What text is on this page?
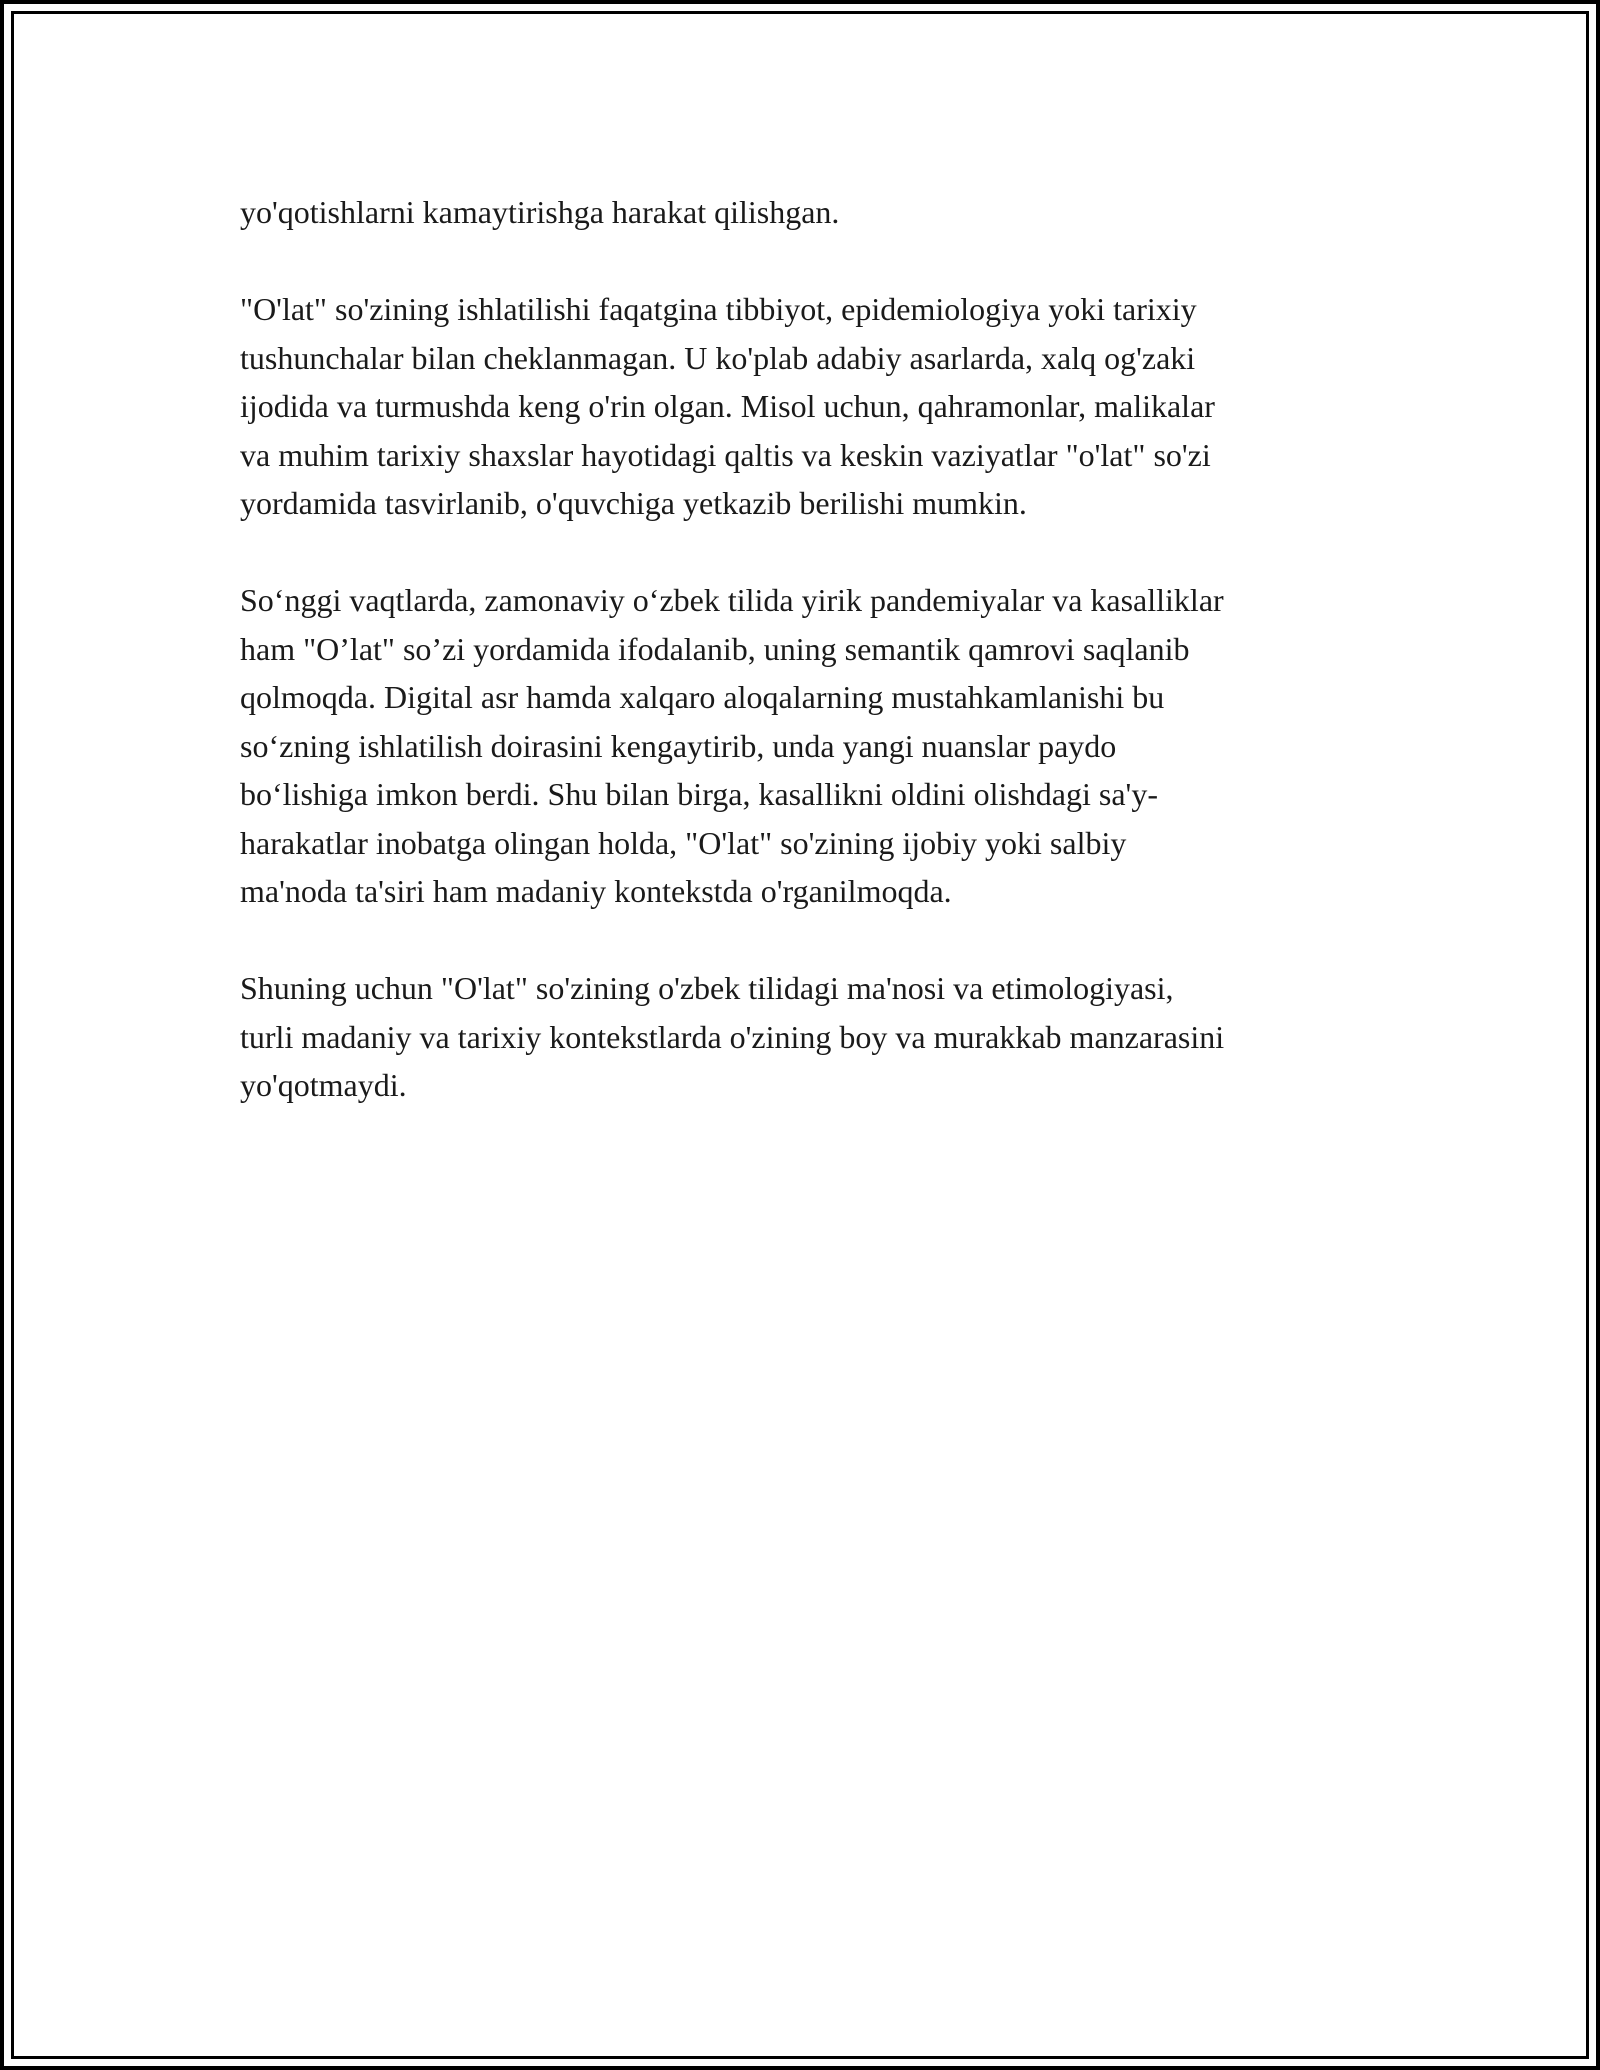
yo'qotishlarni kamaytirishga harakat qilishgan.

"O'lat" so'zining ishlatilishi faqatgina tibbiyot, epidemiologiya yoki tarixiy
tushunchalar bilan cheklanmagan. U ko'plab adabiy asarlarda, xalq og'zaki
ijodida va turmushda keng o'rin olgan. Misol uchun, qahramonlar, malikalar
va muhim tarixiy shaxslar hayotidagi qaltis va keskin vaziyatlar "o'lat" so'zi
yordamida tasvirlanib, o'quvchiga yetkazib berilishi mumkin.

So‘nggi vaqtlarda, zamonaviy o‘zbek tilida yirik pandemiyalar va kasalliklar
ham "O’lat" so’zi yordamida ifodalanib, uning semantik qamrovi saqlanib
qolmoqda. Digital asr hamda xalqaro aloqalarning mustahkamlanishi bu
so‘zning ishlatilish doirasini kengaytirib, unda yangi nuanslar paydo
bo‘lishiga imkon berdi. Shu bilan birga, kasallikni oldini olishdagi sa'y-
harakatlar inobatga olingan holda, "O'lat" so'zining ijobiy yoki salbiy
ma'noda ta'siri ham madaniy kontekstda o'rganilmoqda.

Shuning uchun "O'lat" so'zining o'zbek tilidagi ma'nosi va etimologiyasi,
turli madaniy va tarixiy kontekstlarda o'zining boy va murakkab manzarasini
yo'qotmaydi.
